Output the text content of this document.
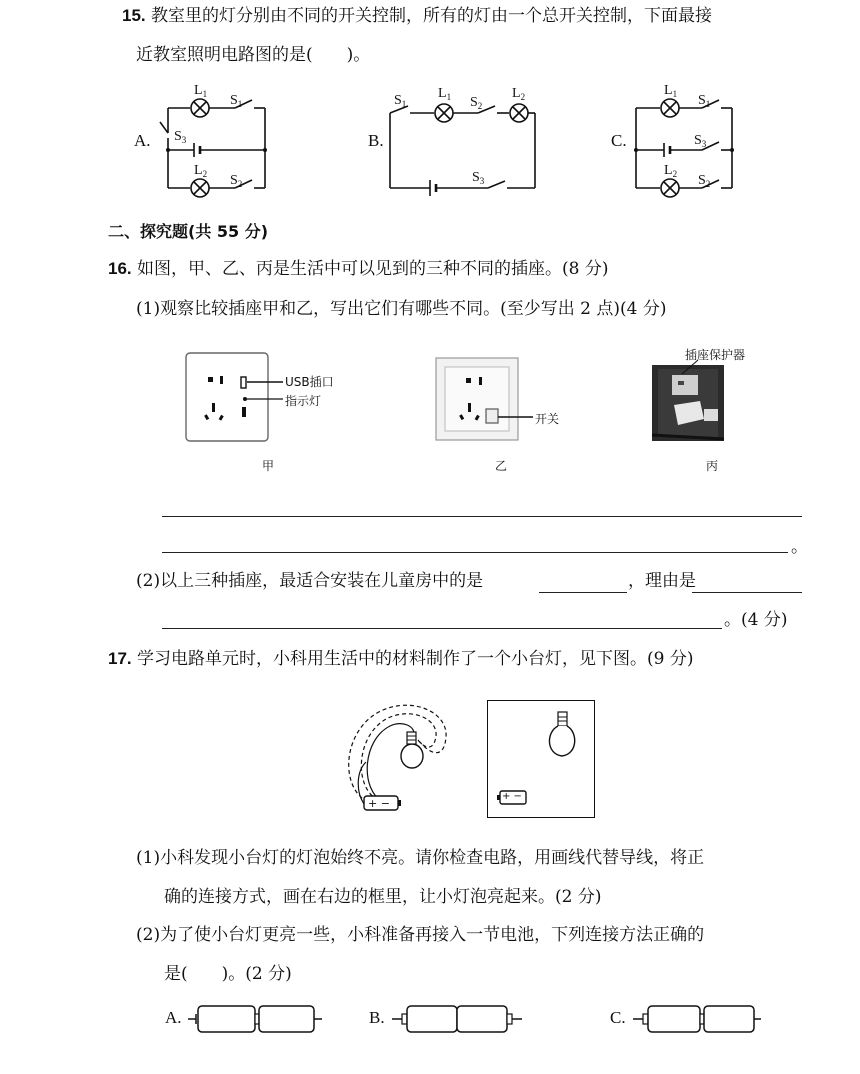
15. 教室里的灯分别由不同的开关控制，所有的灯由一个总开关控制，下面最接
近教室照明电路图的是(　　)。
A.	B.	C.
$L_1$ $S_1$
$S_3$
$L_2$ $S_2$
$S_1$
$L_1$ $S_2$
$L_2$
$S_3$
$L_1$ $S_1$
$S_3$
$L_2$ $S_2$
二、探究题(共 55 分)
16. 如图，甲、乙、丙是生活中可以见到的三种不同的插座。(8 分)
(1)观察比较插座甲和乙，写出它们有哪些不同。(至少写出 2 点)(4 分)
USB插口
指示灯
开关
插座保护器
甲	乙	丙
。
(2)以上三种插座，最适合安装在儿童房中的是	，理由是
。(4 分)
17. 学习电路单元时，小科用生活中的材料制作了一个小台灯，见下图。(9 分)
+ −
+ −
(1)小科发现小台灯的灯泡始终不亮。请你检查电路，用画线代替导线，将正
确的连接方式，画在右边的框里，让小灯泡亮起来。(2 分)
(2)为了使小台灯更亮一些，小科准备再接入一节电池，下列连接方法正确的
是(　　)。(2 分)
A.	B.	C.
